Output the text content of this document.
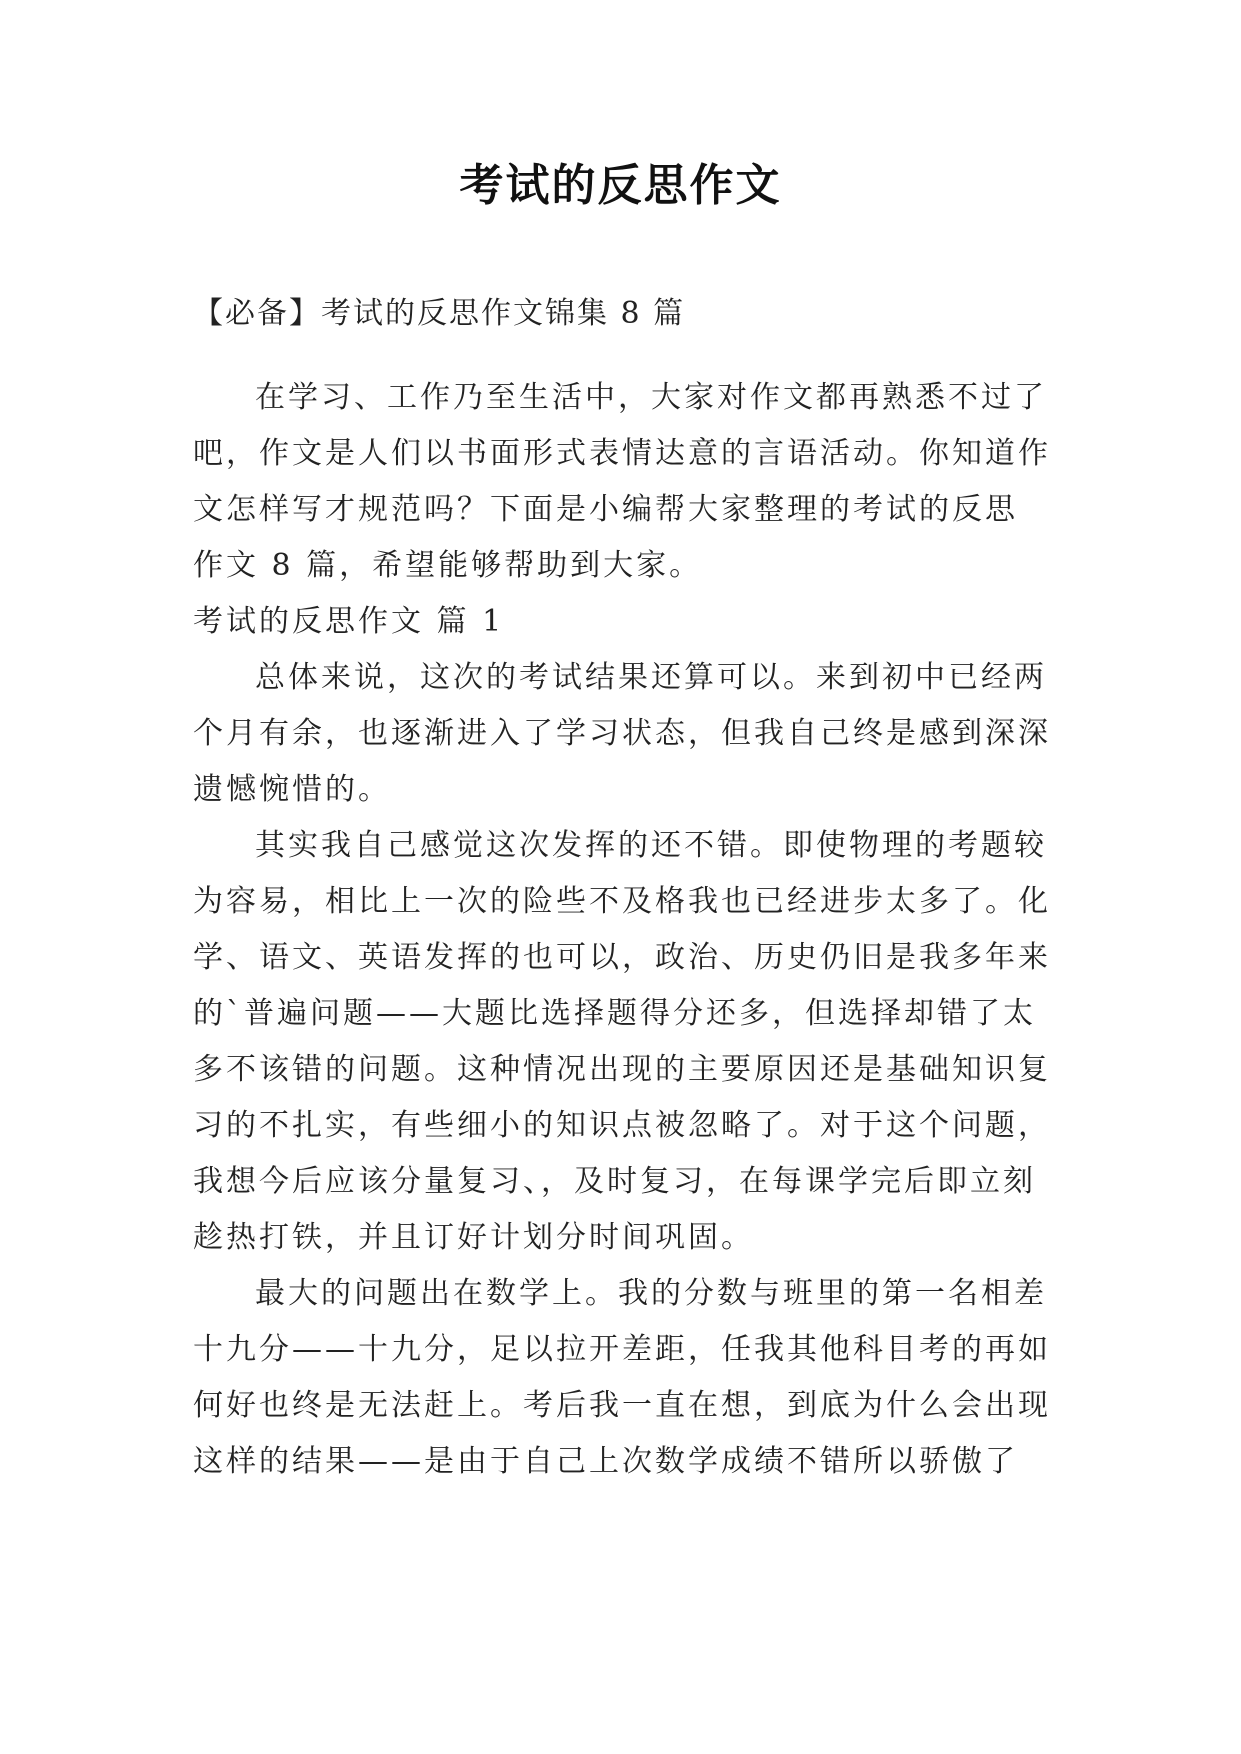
考试的反思作文
【必备】考试的反思作文锦集 8 篇
在学习、工作乃至生活中，大家对作文都再熟悉不过了
吧，作文是人们以书面形式表情达意的言语活动。你知道作
文怎样写才规范吗？下面是小编帮大家整理的考试的反思
作文 8 篇，希望能够帮助到大家。
考试的反思作文 篇 1
总体来说，这次的考试结果还算可以。来到初中已经两
个月有余，也逐渐进入了学习状态，但我自己终是感到深深
遗憾惋惜的。
其实我自己感觉这次发挥的还不错。即使物理的考题较
为容易，相比上一次的险些不及格我也已经进步太多了。化
学、语文、英语发挥的也可以，政治、历史仍旧是我多年来
的`普遍问题——大题比选择题得分还多，但选择却错了太
多不该错的问题。这种情况出现的主要原因还是基础知识复
习的不扎实，有些细小的知识点被忽略了。对于这个问题，
我想今后应该分量复习、，及时复习，在每课学完后即立刻
趁热打铁，并且订好计划分时间巩固。
最大的问题出在数学上。我的分数与班里的第一名相差
十九分——十九分，足以拉开差距，任我其他科目考的再如
何好也终是无法赶上。考后我一直在想，到底为什么会出现
这样的结果——是由于自己上次数学成绩不错所以骄傲了
